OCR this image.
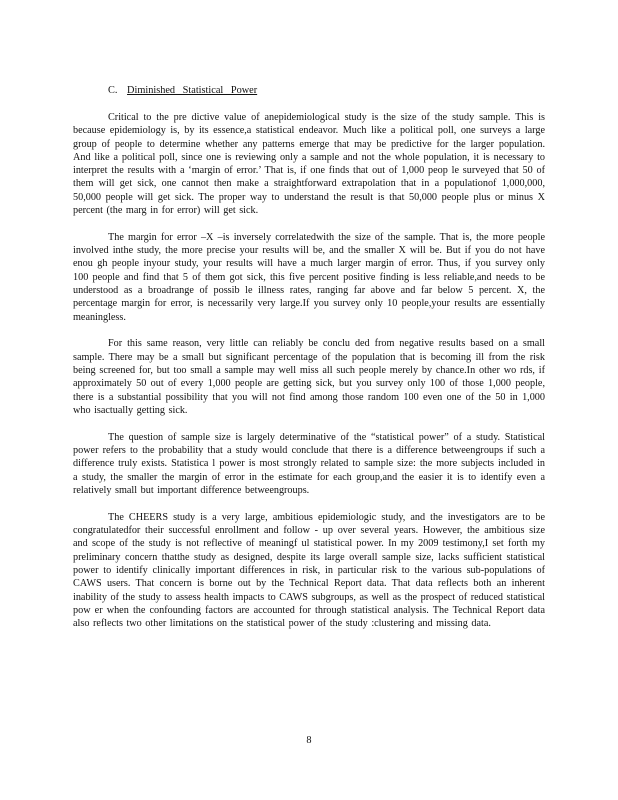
C. Diminished Statistical Power

Critical to the pre dictive value of anepidemiological study is the size of the study sample. This is because epidemiology is, by its essence,a statistical endeavor. Much like a political poll, one surveys a large group of people to determine whether any patterns emerge that may be predictive for the larger population. And like a political poll, since one is reviewing only a sample and not the whole population, it is necessary to interpret the results with a ‘margin of error.’ That is, if one finds that out of 1,000 peop le surveyed that 50 of them will get sick, one cannot then make a straightforward extrapolation that in a populationof 1,000,000, 50,000 people will get sick. The proper way to understand the result is that 50,000 people plus or minus X percent (the marg in for error) will get sick.

The margin for error –X –is inversely correlatedwith the size of the sample. That is, the more people involved inthe study, the more precise your results will be, and the smaller X will be. But if you do not have enou gh people inyour study, your results will have a much larger margin of error. Thus, if you survey only 100 people and find that 5 of them got sick, this five percent positive finding is less reliable,and needs to be understood as a broadrange of possib le illness rates, ranging far above and far below 5 percent. X, the percentage margin for error, is necessarily very large.If you survey only 10 people,your results are essentially meaningless.

For this same reason, very little can reliably be conclu ded from negative results based on a small sample. There may be a small but significant percentage of the population that is becoming ill from the risk being screened for, but too small a sample may well miss all such people merely by chance.In other wo rds, if approximately 50 out of every 1,000 people are getting sick, but you survey only 100 of those 1,000 people, there is a substantial possibility that you will not find among those random 100 even one of the 50 in 1,000 who isactually getting sick.

The question of sample size is largely determinative of the “statistical power” of a study. Statistical power refers to the probability that a study would conclude that there is a difference betweengroups if such a difference truly exists. Statistica l power is most strongly related to sample size: the more subjects included in a study, the smaller the margin of error in the estimate for each group,and the easier it is to identify even a relatively small but important difference betweengroups.

The CHEERS study is a very large, ambitious epidemiologic study, and the investigators are to be congratulatedfor their successful enrollment and follow - up over several years. However, the ambitious size and scope of the study is not reflective of meaningf ul statistical power. In my 2009 testimony,I set forth my preliminary concern thatthe study as designed, despite its large overall sample size, lacks sufficient statistical power to identify clinically important differences in risk, in particular risk to the various sub-populations of CAWS users. That concern is borne out by the Technical Report data. That data reflects both an inherent inability of the study to assess health impacts to CAWS subgroups, as well as the prospect of reduced statistical pow er when the confounding factors are accounted for through statistical analysis. The Technical Report data also reflects two other limitations on the statistical power of the study :clustering and missing data.

8
